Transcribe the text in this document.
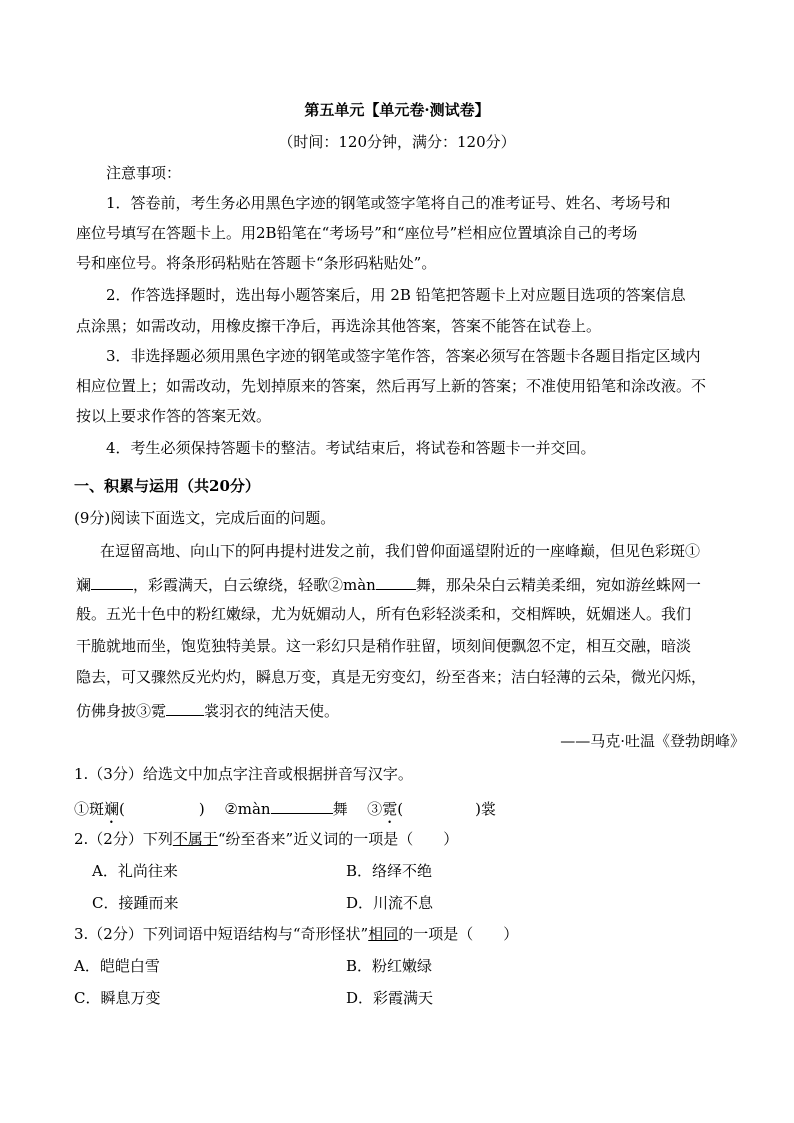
第五单元【单元卷·测试卷】
（时间：120分钟，满分：120分）
注意事项：
1．答卷前，考生务必用黑色字迹的钢笔或签字笔将自己的准考证号、姓名、考场号和
座位号填写在答题卡上。用2B铅笔在“考场号”和“座位号”栏相应位置填涂自己的考场
号和座位号。将条形码粘贴在答题卡“条形码粘贴处”。
2．作答选择题时，选出每小题答案后，用 2B 铅笔把答题卡上对应题目选项的答案信息
点涂黑；如需改动，用橡皮擦干净后，再选涂其他答案，答案不能答在试卷上。
3．非选择题必须用黑色字迹的钢笔或签字笔作答，答案必须写在答题卡各题目指定区域内
相应位置上；如需改动，先划掉原来的答案，然后再写上新的答案；不准使用铅笔和涂改液。不
按以上要求作答的答案无效。
4．考生必须保持答题卡的整洁。考试结束后，将试卷和答题卡一并交回。
一、积累与运用（共20分）
(9分)阅读下面选文，完成后面的问题。
在逗留高地、向山下的阿冉提村进发之前，我们曾仰面遥望附近的一座峰巅，但见色彩斑①
斓	，彩霞满天，白云缭绕，轻歌②màn	舞，那朵朵白云精美柔细，宛如游丝蛛网一
般。五光十色中的粉红嫩绿，尤为妩媚动人，所有色彩轻淡柔和，交相辉映，妩媚迷人。我们
干脆就地而坐，饱览独特美景。这一彩幻只是稍作驻留，顷刻间便飘忽不定，相互交融，暗淡
隐去，可又骤然反光灼灼，瞬息万变，真是无穷变幻，纷至沓来；洁白轻薄的云朵，微光闪烁，
仿佛身披③霓	裳羽衣的纯洁天使。
——马克·吐温《登勃朗峰》
1.（3分）给选文中加点字注音或根据拼音写汉字。
①斑斓(	) ②màn	舞 ③霓(	)裳
2.（2分）下列不属于“纷至沓来”近义词的一项是（　　）
A．礼尚往来	B．络绎不绝
C．接踵而来	D．川流不息
3.（2分）下列词语中短语结构与“奇形怪状”相同的一项是（　　）
A．皑皑白雪	B．粉红嫩绿
C．瞬息万变	D．彩霞满天
